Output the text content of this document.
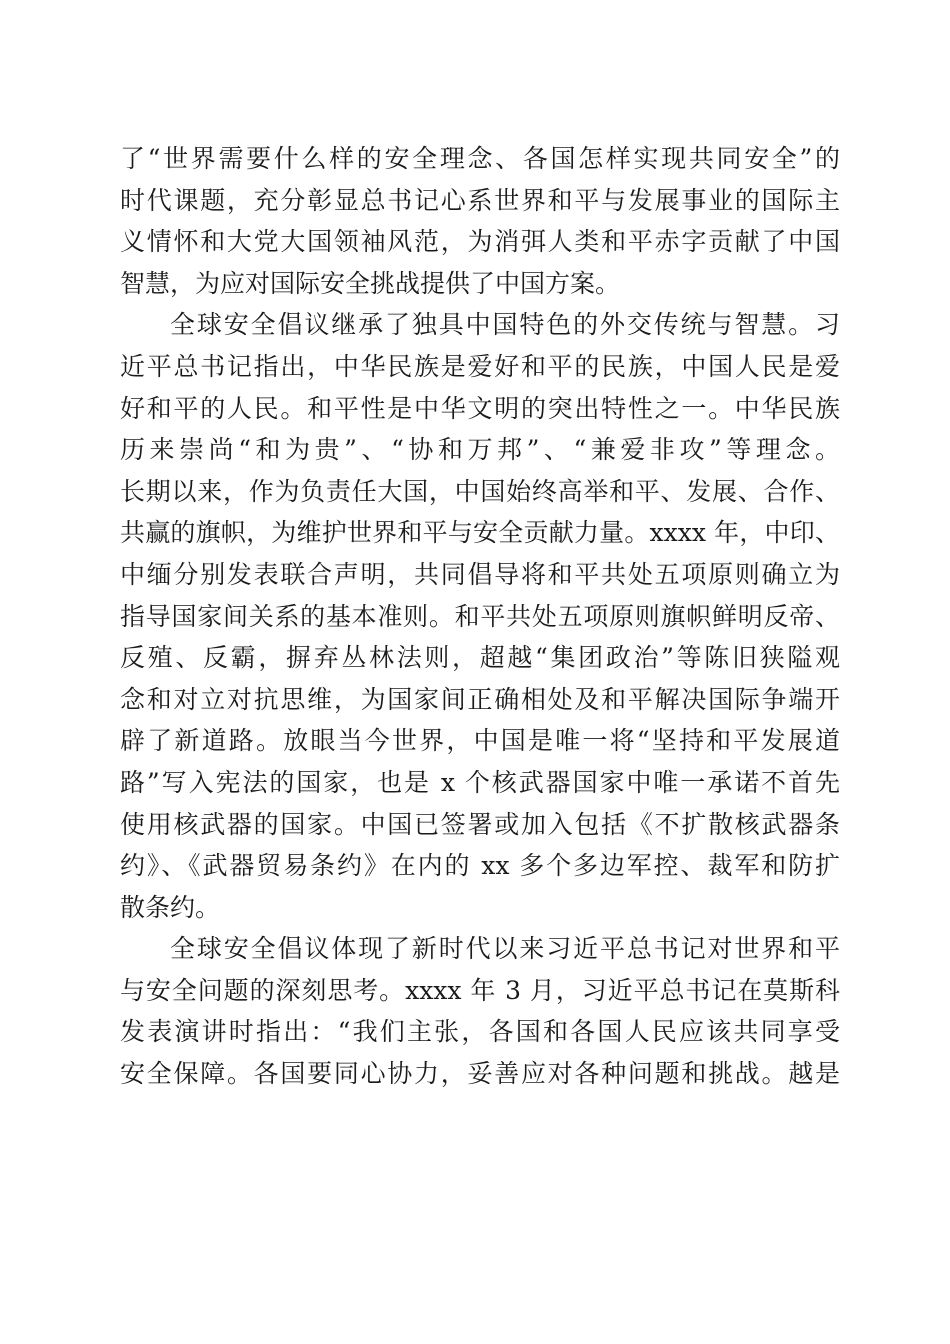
了“世界需要什么样的安全理念、各国怎样实现共同安全”的
时代课题，充分彰显总书记心系世界和平与发展事业的国际主
义情怀和大党大国领袖风范，为消弭人类和平赤字贡献了中国
智慧，为应对国际安全挑战提供了中国方案。
全球安全倡议继承了独具中国特色的外交传统与智慧。习
近平总书记指出，中华民族是爱好和平的民族，中国人民是爱
好和平的人民。和平性是中华文明的突出特性之一。中华民族
历来崇尚“和为贵”、“协和万邦”、“兼爱非攻”等理念。
长期以来，作为负责任大国，中国始终高举和平、发展、合作、
共赢的旗帜，为维护世界和平与安全贡献力量。xxxx 年，中印、
中缅分别发表联合声明，共同倡导将和平共处五项原则确立为
指导国家间关系的基本准则。和平共处五项原则旗帜鲜明反帝、
反殖、反霸，摒弃丛林法则，超越“集团政治”等陈旧狭隘观
念和对立对抗思维，为国家间正确相处及和平解决国际争端开
辟了新道路。放眼当今世界，中国是唯一将“坚持和平发展道
路”写入宪法的国家，也是 x 个核武器国家中唯一承诺不首先
使用核武器的国家。中国已签署或加入包括《不扩散核武器条
约》、《武器贸易条约》在内的 xx 多个多边军控、裁军和防扩
散条约。
全球安全倡议体现了新时代以来习近平总书记对世界和平
与安全问题的深刻思考。xxxx 年 3 月，习近平总书记在莫斯科
发表演讲时指出：“我们主张，各国和各国人民应该共同享受
安全保障。各国要同心协力，妥善应对各种问题和挑战。越是
